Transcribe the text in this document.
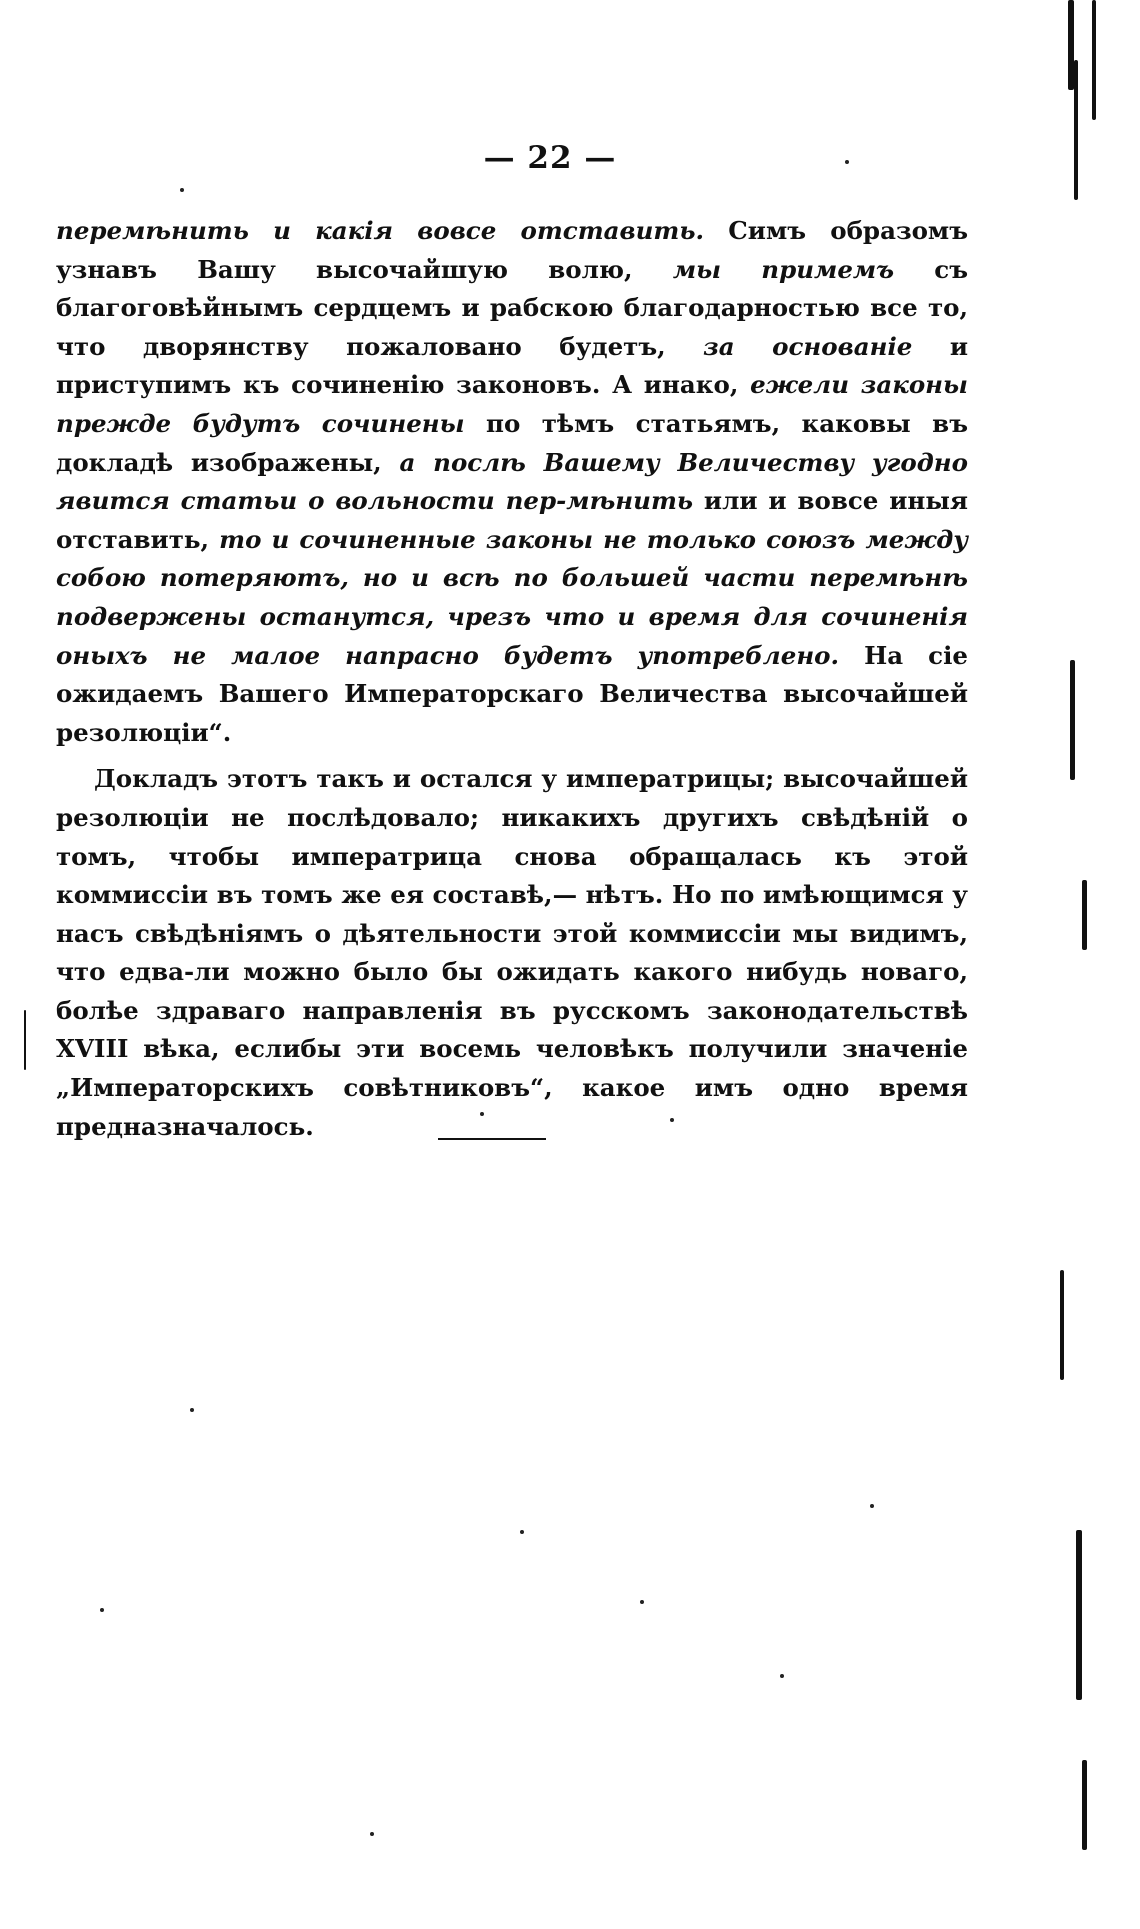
— 22 —

перемѣнить и какія вовсе отставить. Симъ образомъ узнавъ Вашу высочайшую волю, мы примемъ съ благоговѣйнымъ сердцемъ и рабскою благодарностью все то, что дворянству пожаловано будетъ, за основаніе и приступимъ къ сочиненію законовъ. А инако, ежели законы прежде будутъ сочинены по тѣмъ статьямъ, каковы въ докладѣ изображены, а послѣ Вашему Величеству угодно явится статьи о вольности пер-мѣнить или и вовсе иныя отставить, то и сочиненные законы не только союзъ между собою потеряютъ, но и всѣ по большей части перемѣнѣ подвержены останутся, чрезъ что и время для сочиненія оныхъ не малое напрасно будетъ употреблено. На сіе ожидаемъ Вашего Императорскаго Величества высочайшей резолюціи“.

Докладъ этотъ такъ и остался у императрицы; высочайшей резолюціи не послѣдовало; никакихъ другихъ свѣдѣній о томъ, чтобы императрица снова обращалась къ этой коммиссіи въ томъ же ея составѣ,— нѣтъ. Но по имѣющимся у насъ свѣдѣніямъ о дѣятельности этой коммиссіи мы видимъ, что едва-ли можно было бы ожидать какого нибудь новаго, болѣе здраваго направленія въ русскомъ законодательствѣ XVIII вѣка, еслибы эти восемь человѣкъ получили значеніе „Императорскихъ совѣтниковъ“, какое имъ одно время предназначалось.
